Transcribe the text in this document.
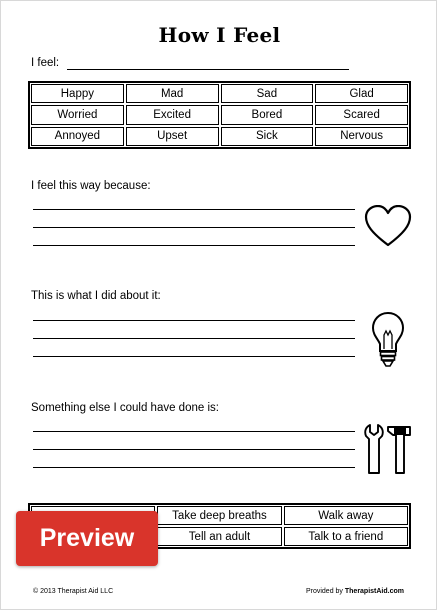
How I Feel
I feel:
Happy	Mad	Sad	Glad
Worried	Excited	Bored	Scared
Annoyed	Upset	Sick	Nervous
I feel this way because:
This is what I did about it:
Something else I could have done is:
Take deep breaths	Walk away
Tell an adult	Talk to a friend
Preview
© 2013 Therapist Aid LLC	Provided by TherapistAid.com
